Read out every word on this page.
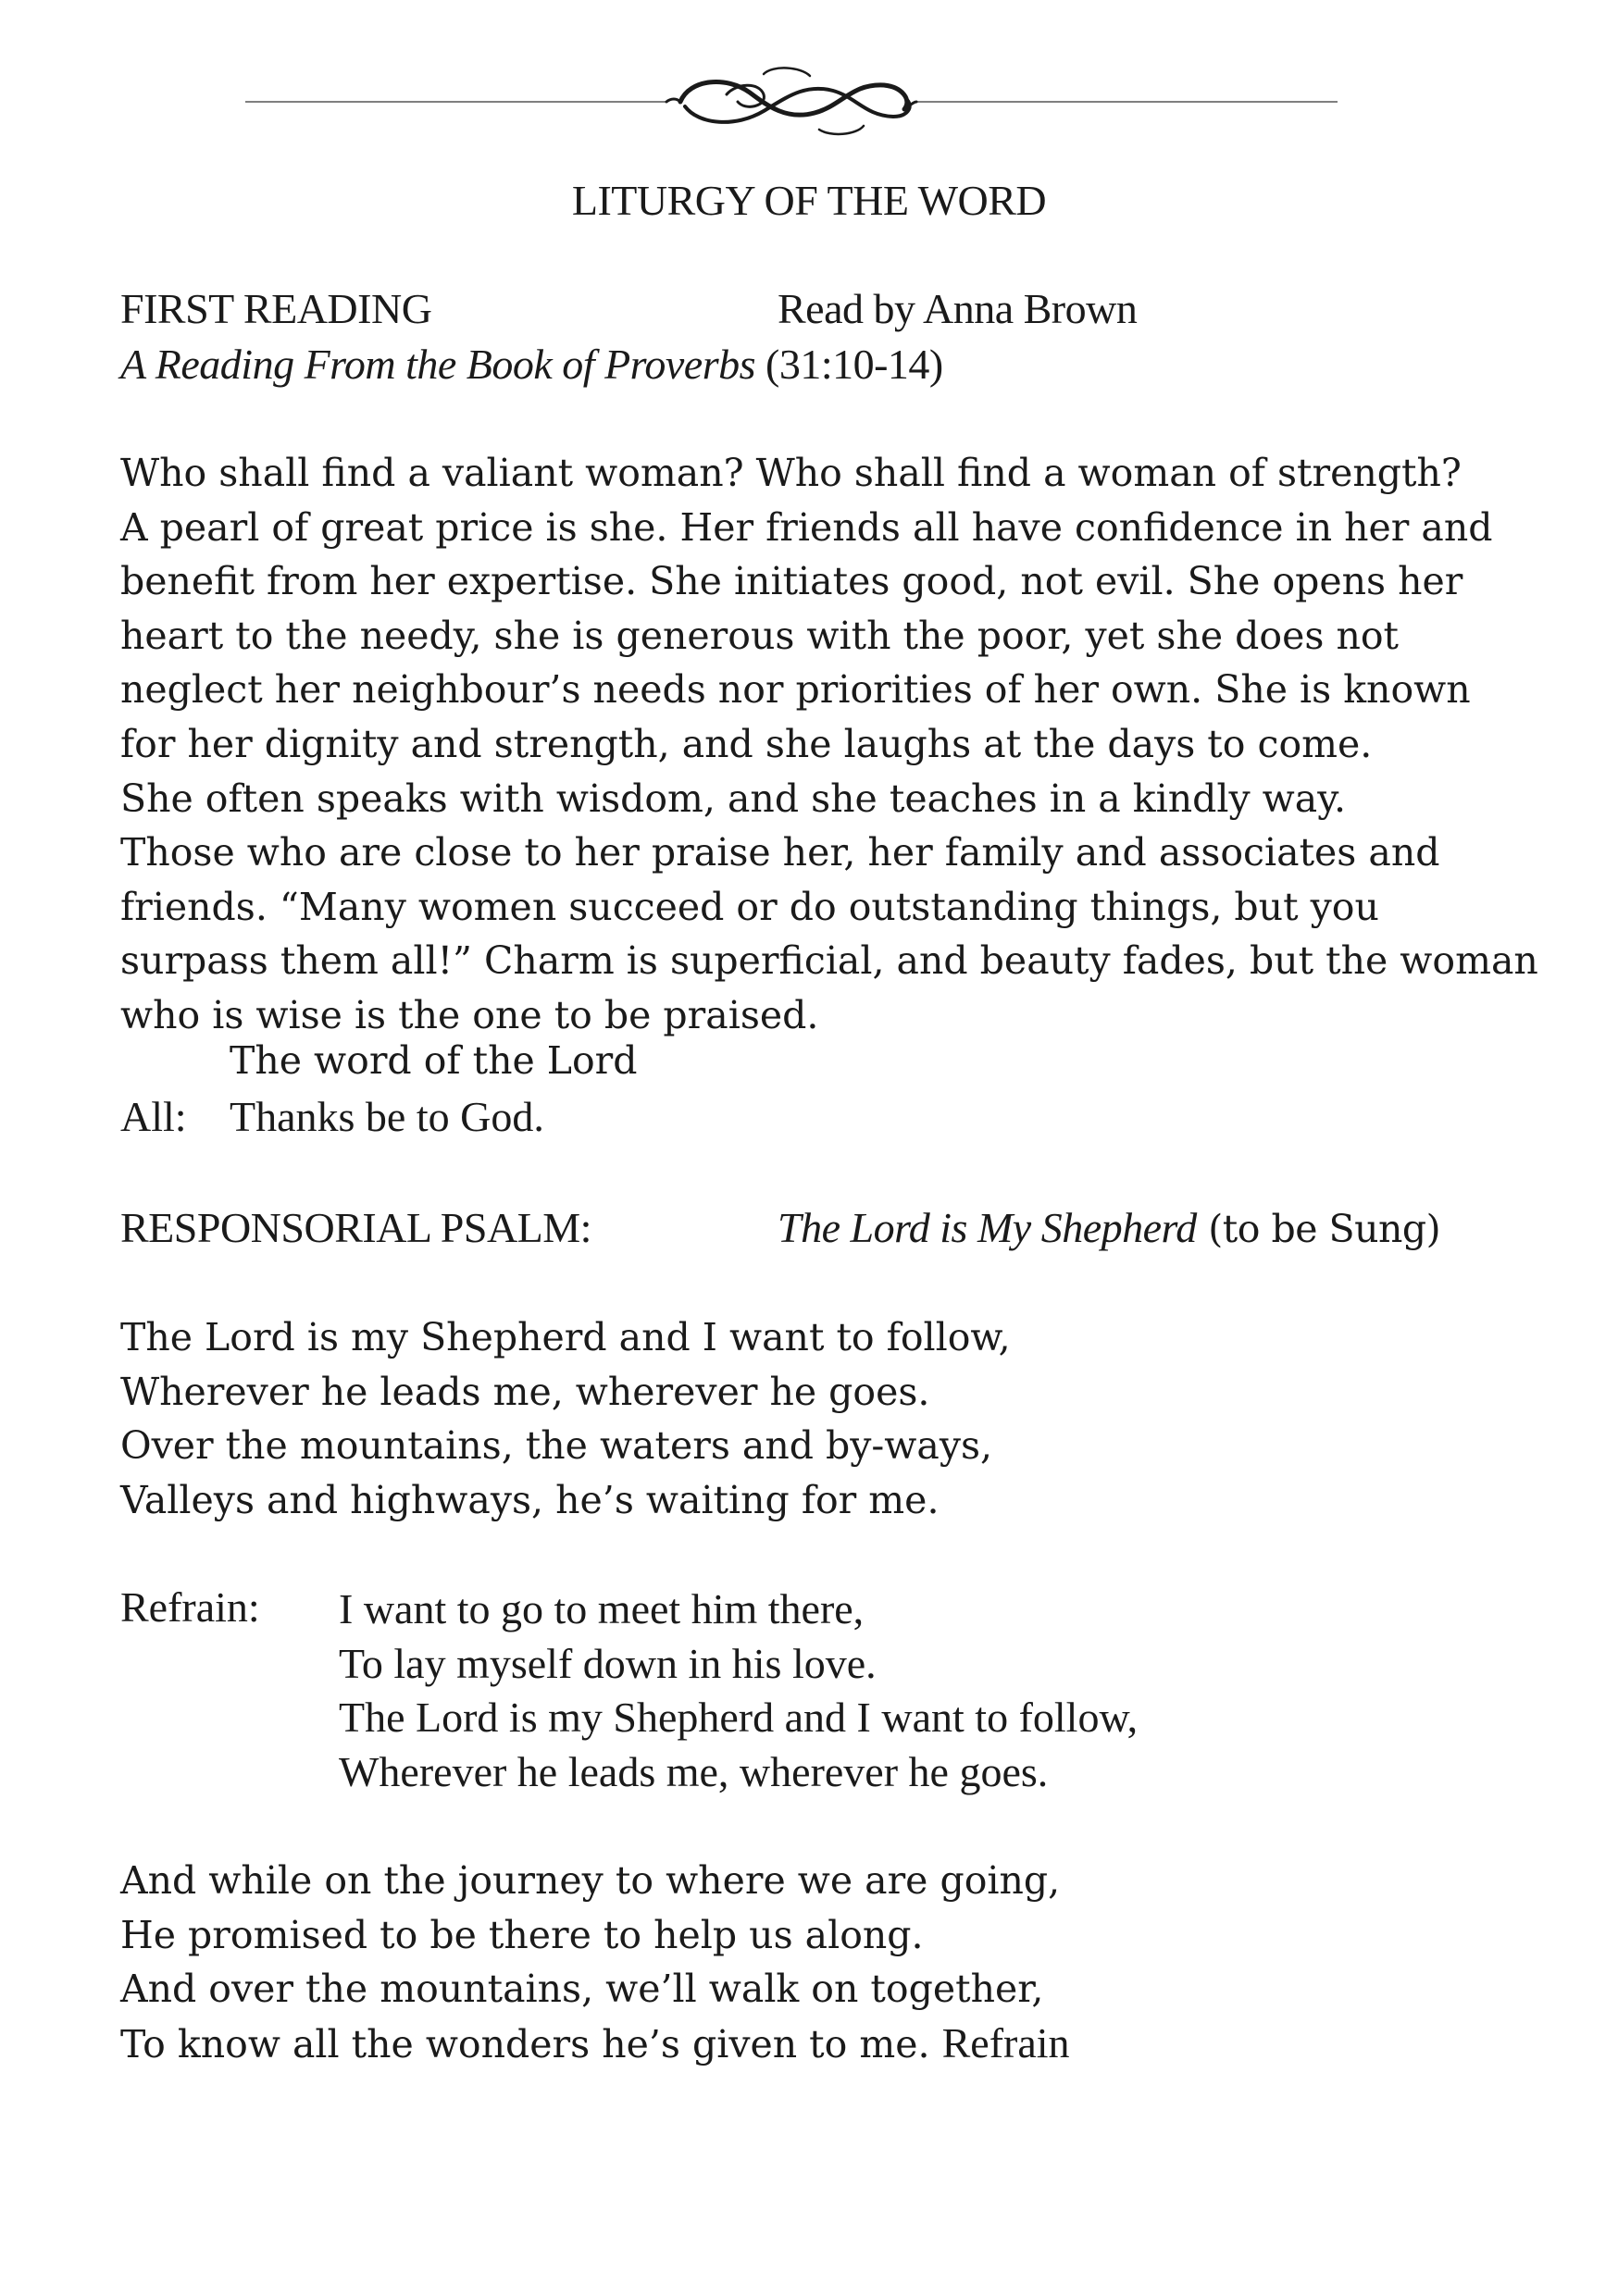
LITURGY OF THE WORD
FIRST READING	Read by Anna Brown
A Reading From the Book of Proverbs (31:10-14)
Who shall find a valiant woman? Who shall find a woman of strength?
A pearl of great price is she. Her friends all have confidence in her and
benefit from her expertise. She initiates good, not evil. She opens her
heart to the needy, she is generous with the poor, yet she does not
neglect her neighbour’s needs nor priorities of her own. She is known
for her dignity and strength, and she laughs at the days to come.
She often speaks with wisdom, and she teaches in a kindly way.
Those who are close to her praise her, her family and associates and
friends. “Many women succeed or do outstanding things, but you
surpass them all!” Charm is superficial, and beauty fades, but the woman
who is wise is the one to be praised.
The word of the Lord
All: Thanks be to God.
RESPONSORIAL PSALM:	The Lord is My Shepherd (to be Sung)
The Lord is my Shepherd and I want to follow,
Wherever he leads me, wherever he goes.
Over the mountains, the waters and by-ways,
Valleys and highways, he’s waiting for me.
Refrain: I want to go to meet him there,
To lay myself down in his love.
The Lord is my Shepherd and I want to follow,
Wherever he leads me, wherever he goes.
And while on the journey to where we are going,
He promised to be there to help us along.
And over the mountains, we’ll walk on together,
To know all the wonders he’s given to me. Refrain
